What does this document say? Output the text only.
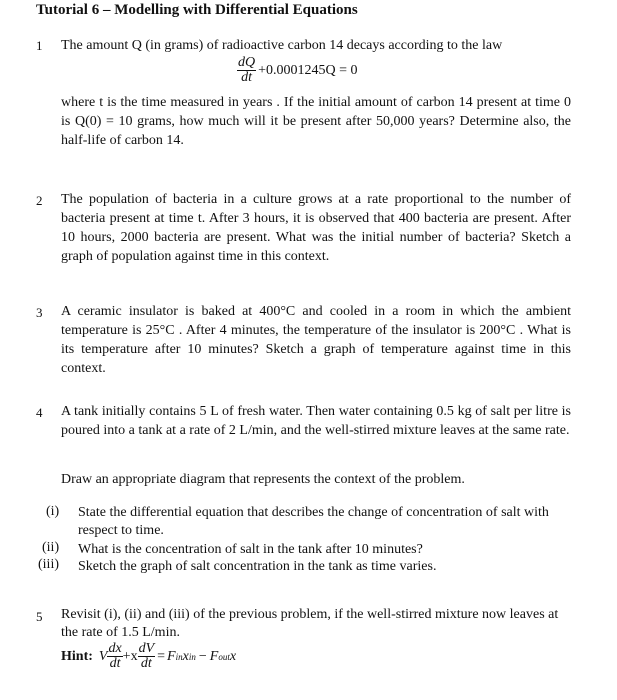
Tutorial 6 – Modelling with Differential Equations
1 The amount Q (in grams) of radioactive carbon 14 decays according to the law
$\frac{dQ}{dt} +0.0001245Q = 0$
where t is the time measured in years . If the initial amount of carbon 14 present at time 0 is Q(0) = 10 grams, how much will it be present after 50,000 years? Determine also, the half-life of carbon 14.
2 The population of bacteria in a culture grows at a rate proportional to the number of bacteria present at time t. After 3 hours, it is observed that 400 bacteria are present. After 10 hours, 2000 bacteria are present. What was the initial number of bacteria? Sketch a graph of population against time in this context.
3 A ceramic insulator is baked at 400°C and cooled in a room in which the ambient temperature is 25°C . After 4 minutes, the temperature of the insulator is 200°C . What is its temperature after 10 minutes? Sketch a graph of temperature against time in this context.
4 A tank initially contains 5 L of fresh water. Then water containing 0.5 kg of salt per litre is poured into a tank at a rate of 2 L/min, and the well-stirred mixture leaves at the same rate.
Draw an appropriate diagram that represents the context of the problem.
(i) State the differential equation that describes the change of concentration of salt with respect to time.
(ii) What is the concentration of salt in the tank after 10 minutes?
(iii) Sketch the graph of salt concentration in the tank as time varies.
5 Revisit (i), (ii) and (iii) of the previous problem, if the well-stirred mixture now leaves at the rate of 1.5 L/min.
Hint: V $\frac{dx}{dt} +x \frac{dV}{dt} = F$ in x in − F out x
